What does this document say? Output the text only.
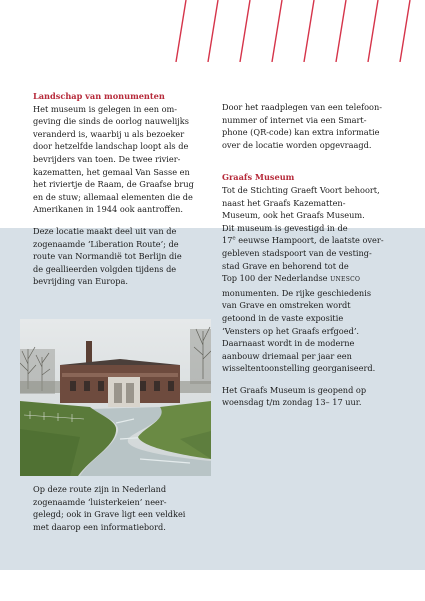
Landschap van monumenten

Het museum is gelegen in een om-
geving die sinds de oorlog nauwelijks
veranderd is, waarbij u als bezoeker
door hetzelfde landschap loopt als de
bevrijders van toen. De twee rivier-
kazematten, het gemaal Van Sasse en
het riviertje de Raam, de Graafse brug
en de stuw; allemaal elementen die de
Amerikanen in 1944 ook aantroffen.

Deze locatie maakt deel uit van de
zogenaamde ‘Liberation Route’; de
route van Normandië tot Berlijn die
de geallieerden volgden tijdens de
bevrijding van Europa.

Op deze route zijn in Nederland
zogenaamde ‘luisterkeien’ neer-
gelegd; ook in Grave ligt een veldkei
met daarop een informatiebord.

Door het raadplegen van een telefoon-
nummer of internet via een Smart-
phone (QR-code) kan extra informatie
over de locatie worden opgevraagd.

Graafs Museum

Tot de Stichting Graeft Voort behoort,
naast het Graafs Kazematten-
Museum, ook het Graafs Museum.
Dit museum is gevestigd in de
17e eeuwse Hampoort, de laatste over-
gebleven stadspoort van de vesting-
stad Grave en behorend tot de
Top 100 der Nederlandse UNESCO
monumenten. De rijke geschiedenis
van Grave en omstreken wordt
getoond in de vaste expositie
‘Vensters op het Graafs erfgoed’.
Daarnaast wordt in de moderne
aanbouw driemaal per jaar een
wisseltentoonstelling georganiseerd.

Het Graafs Museum is geopend op
woensdag t/m zondag 13– 17 uur.
